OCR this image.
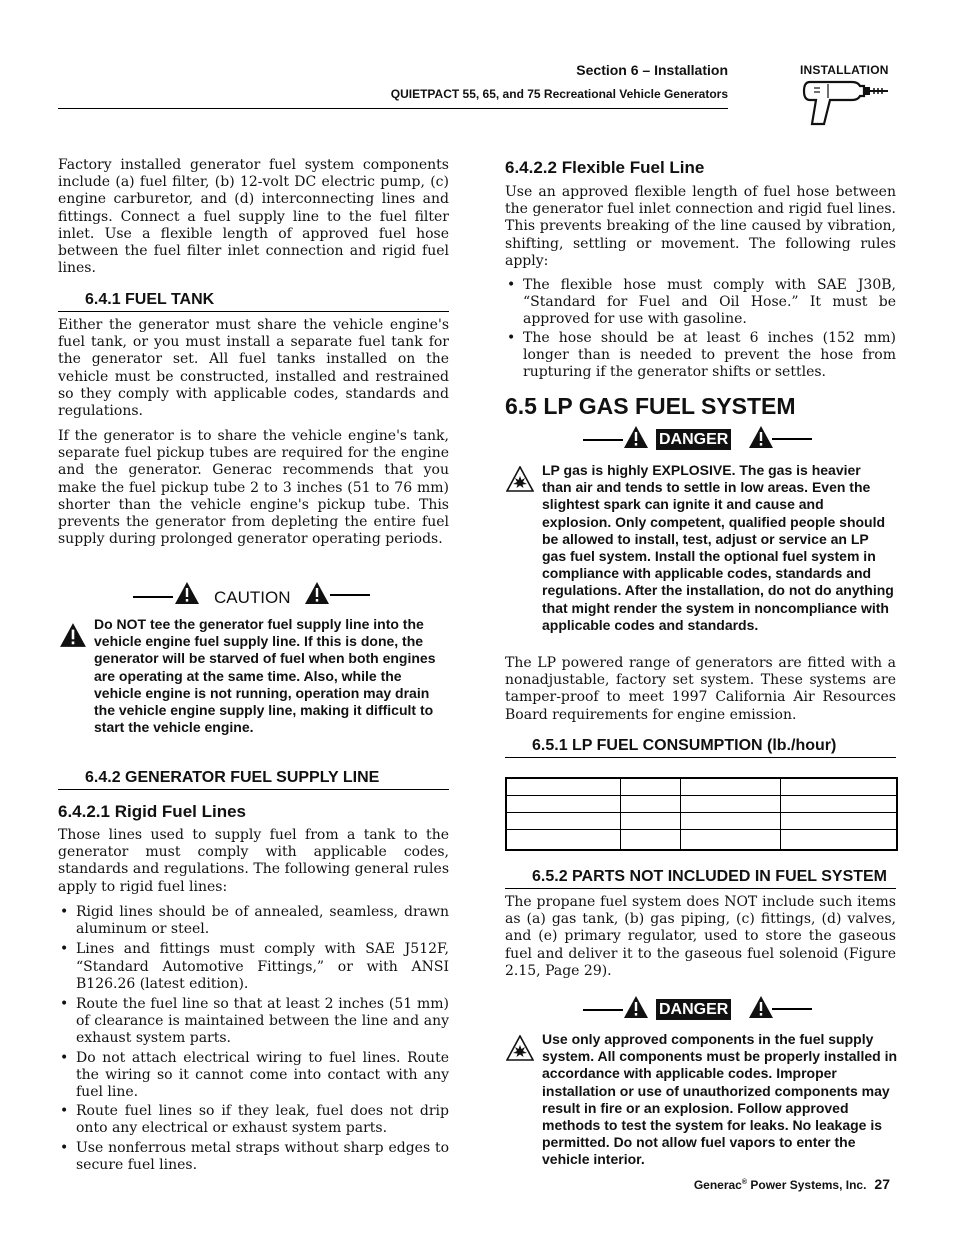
Section 6 – Installation
QUIETPACT 55, 65, and 75 Recreational Vehicle Generators
INSTALLATION

Factory installed generator fuel system components include (a) fuel filter, (b) 12-volt DC electric pump, (c) engine carburetor, and (d) interconnecting lines and fittings. Connect a fuel supply line to the fuel filter inlet. Use a flexible length of approved fuel hose between the fuel filter inlet connection and rigid fuel lines.

6.4.1 FUEL TANK

Either the generator must share the vehicle engine's fuel tank, or you must install a separate fuel tank for the generator set. All fuel tanks installed on the vehicle must be constructed, installed and restrained so they comply with applicable codes, standards and regulations.

If the generator is to share the vehicle engine's tank, separate fuel pickup tubes are required for the engine and the generator. Generac recommends that you make the fuel pickup tube 2 to 3 inches (51 to 76 mm) shorter than the vehicle engine's pickup tube. This prevents the generator from depleting the entire fuel supply during prolonged generator operating periods.

CAUTION
Do NOT tee the generator fuel supply line into the vehicle engine fuel supply line. If this is done, the generator will be starved of fuel when both engines are operating at the same time. Also, while the vehicle engine is not running, operation may drain the vehicle engine supply line, making it difficult to start the vehicle engine.
6.4.2 GENERATOR FUEL SUPPLY LINE
6.4.2.1 Rigid Fuel Lines

Those lines used to supply fuel from a tank to the generator must comply with applicable codes, standards and regulations. The following general rules apply to rigid fuel lines:

• Rigid lines should be of annealed, seamless, drawn aluminum or steel.
• Lines and fittings must comply with SAE J512F, “Standard Automotive Fittings,” or with ANSI B126.26 (latest edition).
• Route the fuel line so that at least 2 inches (51 mm) of clearance is maintained between the line and any exhaust system parts.
• Do not attach electrical wiring to fuel lines. Route the wiring so it cannot come into contact with any fuel line.
• Route fuel lines so if they leak, fuel does not drip onto any electrical or exhaust system parts.
• Use nonferrous metal straps without sharp edges to secure fuel lines.
6.4.2.2 Flexible Fuel Line

Use an approved flexible length of fuel hose between the generator fuel inlet connection and rigid fuel lines. This prevents breaking of the line caused by vibration, shifting, settling or movement. The following rules apply:

• The flexible hose must comply with SAE J30B, “Standard for Fuel and Oil Hose.” It must be approved for use with gasoline.
• The hose should be at least 6 inches (152 mm) longer than is needed to prevent the hose from rupturing if the generator shifts or settles.
6.5 LP GAS FUEL SYSTEM
DANGER
LP gas is highly EXPLOSIVE. The gas is heavier than air and tends to settle in low areas. Even the slightest spark can ignite it and cause and explosion. Only competent, qualified people should be allowed to install, test, adjust or service an LP gas fuel system. Install the optional fuel system in compliance with applicable codes, standards and regulations. After the installation, do not do anything that might render the system in noncompliance with applicable codes and standards.

The LP powered range of generators are fitted with a nonadjustable, factory set system. These systems are tamper-proof to meet 1997 California Air Resources Board requirements for engine emission.

6.5.1 LP FUEL CONSUMPTION (lb./hour)

6.5.2 PARTS NOT INCLUDED IN FUEL SYSTEM

The propane fuel system does NOT include such items as (a) gas tank, (b) gas piping, (c) fittings, (d) valves, and (e) primary regulator, used to store the gaseous fuel and deliver it to the gaseous fuel solenoid (Figure 2.15, Page 29).

DANGER
Use only approved components in the fuel supply system. All components must be properly installed in accordance with applicable codes. Improper installation or use of unauthorized components may result in fire or an explosion. Follow approved methods to test the system for leaks. No leakage is permitted. Do not allow fuel vapors to enter the vehicle interior.
Generac® Power Systems, Inc. 27
